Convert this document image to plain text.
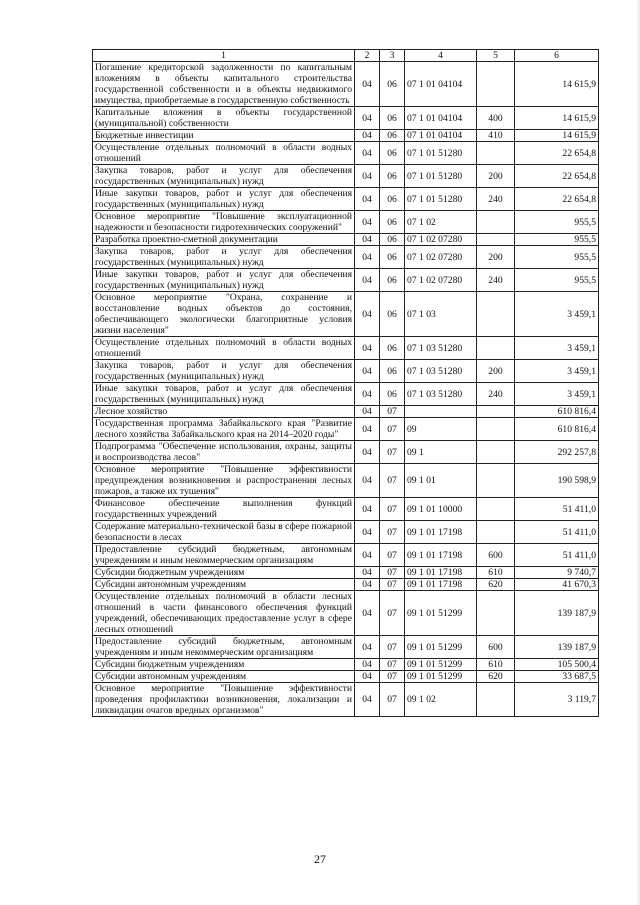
1	2	3	4	5	6
Погашение кредиторской задолженности по капитальным вложениям в объекты капитального строительства государственной собственности и в объекты недвижимого имущества, приобретаемые в государственную собственность	04	06	07 1 01 04104		14 615,9
Капитальные вложения в объекты государственной (муниципальной) собственности	04	06	07 1 01 04104	400	14 615,9
Бюджетные инвестиции	04	06	07 1 01 04104	410	14 615,9
Осуществление отдельных полномочий в области водных отношений	04	06	07 1 01 51280		22 654,8
Закупка товаров, работ и услуг для обеспечения государственных (муниципальных) нужд	04	06	07 1 01 51280	200	22 654,8
Иные закупки товаров, работ и услуг для обеспечения государственных (муниципальных) нужд	04	06	07 1 01 51280	240	22 654,8
Основное мероприятие "Повышение эксплуатационной надежности и безопасности гидротехнических сооружений"	04	06	07 1 02		955,5
Разработка проектно-сметной документации	04	06	07 1 02 07280		955,5
Закупка товаров, работ и услуг для обеспечения государственных (муниципальных) нужд	04	06	07 1 02 07280	200	955,5
Иные закупки товаров, работ и услуг для обеспечения государственных (муниципальных) нужд	04	06	07 1 02 07280	240	955,5
Основное мероприятие "Охрана, сохранение и восстановление водных объектов до состояния, обеспечивающего экологически благоприятные условия жизни населения"	04	06	07 1 03		3 459,1
Осуществление отдельных полномочий в области водных отношений	04	06	07 1 03 51280		3 459,1
Закупка товаров, работ и услуг для обеспечения государственных (муниципальных) нужд	04	06	07 1 03 51280	200	3 459,1
Иные закупки товаров, работ и услуг для обеспечения государственных (муниципальных) нужд	04	06	07 1 03 51280	240	3 459,1
Лесное хозяйство	04	07			610 816,4
Государственная программа Забайкальского края "Развитие лесного хозяйства Забайкальского края на 2014–2020 годы"	04	07	09		610 816,4
Подпрограмма "Обеспечение использования, охраны, защиты и воспроизводства лесов"	04	07	09 1		292 257,8
Основное мероприятие "Повышение эффективности предупреждения возникновения и распространения лесных пожаров, а также их тушения"	04	07	09 1 01		190 598,9
Финансовое обеспечение выполнения функций государственных учреждений	04	07	09 1 01 10000		51 411,0
Содержание материально-технической базы в сфере пожарной безопасности в лесах	04	07	09 1 01 17198		51 411,0
Предоставление субсидий бюджетным, автономным учреждениям и иным некоммерческим организациям	04	07	09 1 01 17198	600	51 411,0
Субсидии бюджетным учреждениям	04	07	09 1 01 17198	610	9 740,7
Субсидии автономным учреждениям	04	07	09 1 01 17198	620	41 670,3
Осуществление отдельных полномочий в области лесных отношений в части финансового обеспечения функций учреждений, обеспечивающих предоставление услуг в сфере лесных отношений	04	07	09 1 01 51299		139 187,9
Предоставление субсидий бюджетным, автономным учреждениям и иным некоммерческим организациям	04	07	09 1 01 51299	600	139 187,9
Субсидии бюджетным учреждениям	04	07	09 1 01 51299	610	105 500,4
Субсидии автономным учреждениям	04	07	09 1 01 51299	620	33 687,5
Основное мероприятие "Повышение эффективности проведения профилактики возникновения, локализации и ликвидации очагов вредных организмов"	04	07	09 1 02		3 119,7
27
